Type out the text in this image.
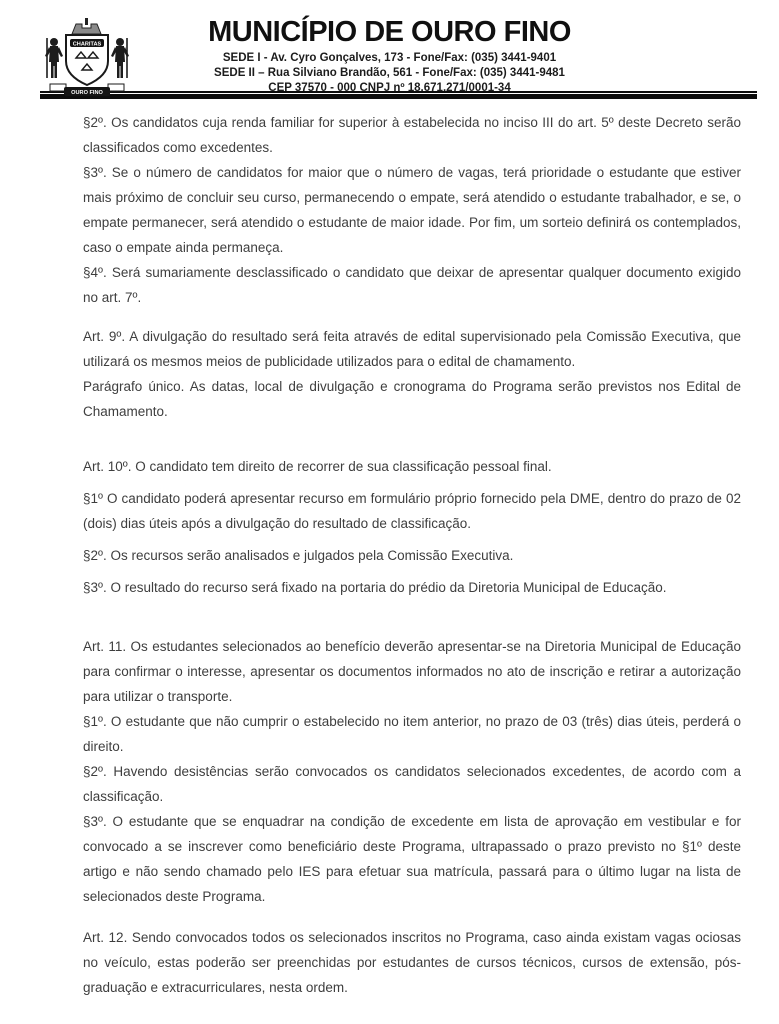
CHARITAS
OURO FINO
MUNICÍPIO DE OURO FINO
SEDE I - Av. Cyro Gonçalves, 173 - Fone/Fax: (035) 3441-9401
SEDE II – Rua Silviano Brandão, 561 - Fone/Fax: (035) 3441-9481
CEP 37570 - 000 CNPJ nº 18.671.271/0001-34

§2º. Os candidatos cuja renda familiar for superior à estabelecida no inciso III do art. 5º deste Decreto serão classificados como excedentes.

§3º. Se o número de candidatos for maior que o número de vagas, terá prioridade o estudante que estiver mais próximo de concluir seu curso, permanecendo o empate, será atendido o estudante trabalhador, e se, o empate permanecer, será atendido o estudante de maior idade. Por fim, um sorteio definirá os contemplados, caso o empate ainda permaneça.

§4º. Será sumariamente desclassificado o candidato que deixar de apresentar qualquer documento exigido no art. 7º.

Art. 9º. A divulgação do resultado será feita através de edital supervisionado pela Comissão Executiva, que utilizará os mesmos meios de publicidade utilizados para o edital de chamamento.

Parágrafo único. As datas, local de divulgação e cronograma do Programa serão previstos nos Edital de Chamamento.

Art. 10º. O candidato tem direito de recorrer de sua classificação pessoal final.

§1º O candidato poderá apresentar recurso em formulário próprio fornecido pela DME, dentro do prazo de 02 (dois) dias úteis após a divulgação do resultado de classificação.

§2º. Os recursos serão analisados e julgados pela Comissão Executiva.

§3º. O resultado do recurso será fixado na portaria do prédio da Diretoria Municipal de Educação.

Art. 11. Os estudantes selecionados ao benefício deverão apresentar-se na Diretoria Municipal de Educação para confirmar o interesse, apresentar os documentos informados no ato de inscrição e retirar a autorização para utilizar o transporte.

§1º. O estudante que não cumprir o estabelecido no item anterior, no prazo de 03 (três) dias úteis, perderá o direito.

§2º. Havendo desistências serão convocados os candidatos selecionados excedentes, de acordo com a classificação.

§3º. O estudante que se enquadrar na condição de excedente em lista de aprovação em vestibular e for convocado a se inscrever como beneficiário deste Programa, ultrapassado o prazo previsto no §1º deste artigo e não sendo chamado pelo IES para efetuar sua matrícula, passará para o último lugar na lista de selecionados deste Programa.

Art. 12. Sendo convocados todos os selecionados inscritos no Programa, caso ainda existam vagas ociosas no veículo, estas poderão ser preenchidas por estudantes de cursos técnicos, cursos de extensão, pós-graduação e extracurriculares, nesta ordem.
